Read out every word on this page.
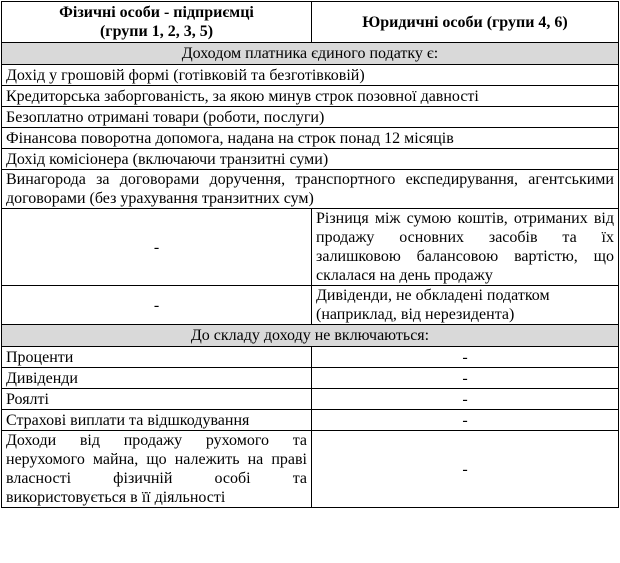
Фізичні особи - підприємці
(групи 1, 2, 3, 5)	Юридичні особи (групи 4, 6)
Доходом платника єдиного податку є:	
Дохід у грошовій формі (готівковій та безготівковій)	
Кредиторська заборгованість, за якою минув строк позовної давності	
Безоплатно отримані товари (роботи, послуги)	
Фінансова поворотна допомога, надана на строк понад 12 місяців	
Дохід комісіонера (включаючи транзитні суми)	
Винагорода за договорами доручення, транспортного експедирування, агентськими договорами (без урахування транзитних сум)	
-	Різниця між сумою коштів, отриманих від продажу основних засобів та їх залишковою балансовою вартістю, що склалася на день продажу
-	Дивіденди, не обкладені податком (наприклад, від нерезидента)
До складу доходу не включаються:	
Проценти	-
Дивіденди	-
Роялті	-
Страхові виплати та відшкодування	-
Доходи від продажу рухомого та нерухомого майна, що належить на праві власності фізичній особі та використовується в її діяльності	-
